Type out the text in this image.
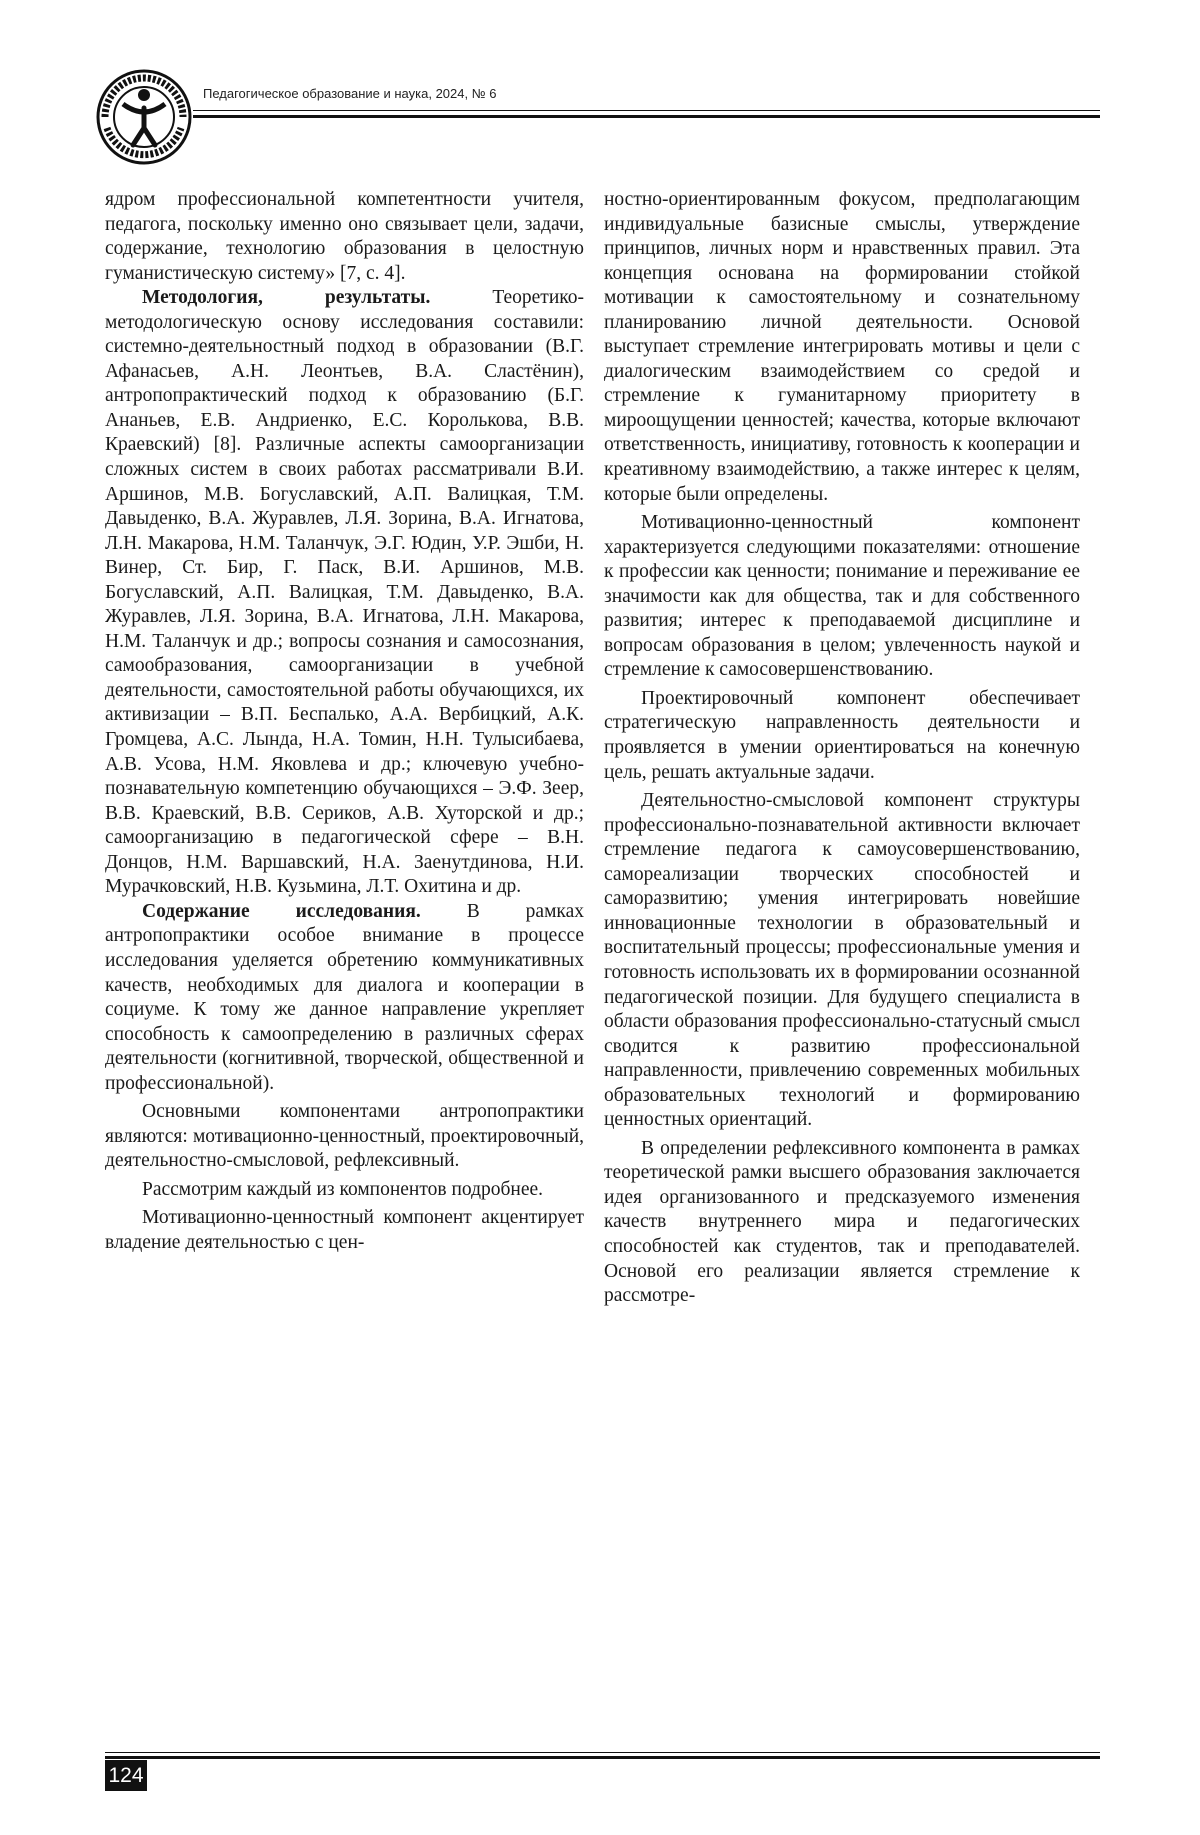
Педагогическое образование и наука, 2024, № 6

ядром профессиональной компетентности учителя, педагога, поскольку именно оно связывает цели, задачи, содержание, технологию образования в целостную гуманистическую систему» [7, с. 4].

Методология, результаты. Теоретико-методологическую основу исследования составили: системно-деятельностный подход в образовании (В.Г. Афанасьев, А.Н. Леонтьев, В.А. Сластёнин), антропопрактический подход к образованию (Б.Г. Ананьев, Е.В. Андриенко, Е.С. Королькова, В.В. Краевский) [8]. Различные аспекты самоорганизации сложных систем в своих работах рассматривали В.И. Аршинов, М.В. Богуславский, А.П. Валицкая, Т.М. Давыденко, В.А. Журавлев, Л.Я. Зорина, В.А. Игнатова, Л.Н. Макарова, Н.М. Таланчук, Э.Г. Юдин, У.Р. Эшби, Н. Винер, Ст. Бир, Г. Паск, В.И. Аршинов, М.В. Богуславский, А.П. Валицкая, Т.М. Давыденко, В.А. Журавлев, Л.Я. Зорина, В.А. Игнатова, Л.Н. Макарова, Н.М. Таланчук и др.; вопросы сознания и самосознания, самообразования, самоорганизации в учебной деятельности, самостоятельной работы обучающихся, их активизации – В.П. Беспалько, А.А. Вербицкий, А.К. Громцева, А.С. Лында, Н.А. Томин, Н.Н. Тулысибаева, А.В. Усова, Н.М. Яковлева и др.; ключевую учебно-познавательную компетенцию обучающихся – Э.Ф. Зеер, В.В. Краевский, В.В. Сериков, А.В. Хуторской и др.; самоорганизацию в педагогической сфере – В.Н. Донцов, Н.М. Варшавский, Н.А. Заенутдинова, Н.И. Мурачковский, Н.В. Кузьмина, Л.Т. Охитина и др.

Содержание исследования. В рамках антропопрактики особое внимание в процессе исследования уделяется обретению коммуникативных качеств, необходимых для диалога и кооперации в социуме. К тому же данное направление укрепляет способность к самоопределению в различных сферах деятельности (когнитивной, творческой, общественной и профессиональной).

Основными компонентами антропопрактики являются: мотивационно-ценностный, проектировочный, деятельностно-смысловой, рефлексивный.

Рассмотрим каждый из компонентов подробнее.

Мотивационно-ценностный компонент акцентирует владение деятельностью с цен-

ностно-ориентированным фокусом, предполагающим индивидуальные базисные смыслы, утверждение принципов, личных норм и нравственных правил. Эта концепция основана на формировании стойкой мотивации к самостоятельному и сознательному планированию личной деятельности. Основой выступает стремление интегрировать мотивы и цели с диалогическим взаимодействием со средой и стремление к гуманитарному приоритету в мироощущении ценностей; качества, которые включают ответственность, инициативу, готовность к кооперации и креативному взаимодействию, а также интерес к целям, которые были определены.

Мотивационно-ценностный компонент характеризуется следующими показателями: отношение к профессии как ценности; понимание и переживание ее значимости как для общества, так и для собственного развития; интерес к преподаваемой дисциплине и вопросам образования в целом; увлеченность наукой и стремление к самосовершенствованию.

Проектировочный компонент обеспечивает стратегическую направленность деятельности и проявляется в умении ориентироваться на конечную цель, решать актуальные задачи.

Деятельностно-смысловой компонент структуры профессионально-познавательной активности включает стремление педагога к самоусовершенствованию, самореализации творческих способностей и саморазвитию; умения интегрировать новейшие инновационные технологии в образовательный и воспитательный процессы; профессиональные умения и готовность использовать их в формировании осознанной педагогической позиции. Для будущего специалиста в области образования профессионально-статусный смысл сводится к развитию профессиональной направленности, привлечению современных мобильных образовательных технологий и формированию ценностных ориентаций.

В определении рефлексивного компонента в рамках теоретической рамки высшего образования заключается идея организованного и предсказуемого изменения качеств внутреннего мира и педагогических способностей как студентов, так и преподавателей. Основой его реализации является стремление к рассмотре-

124
